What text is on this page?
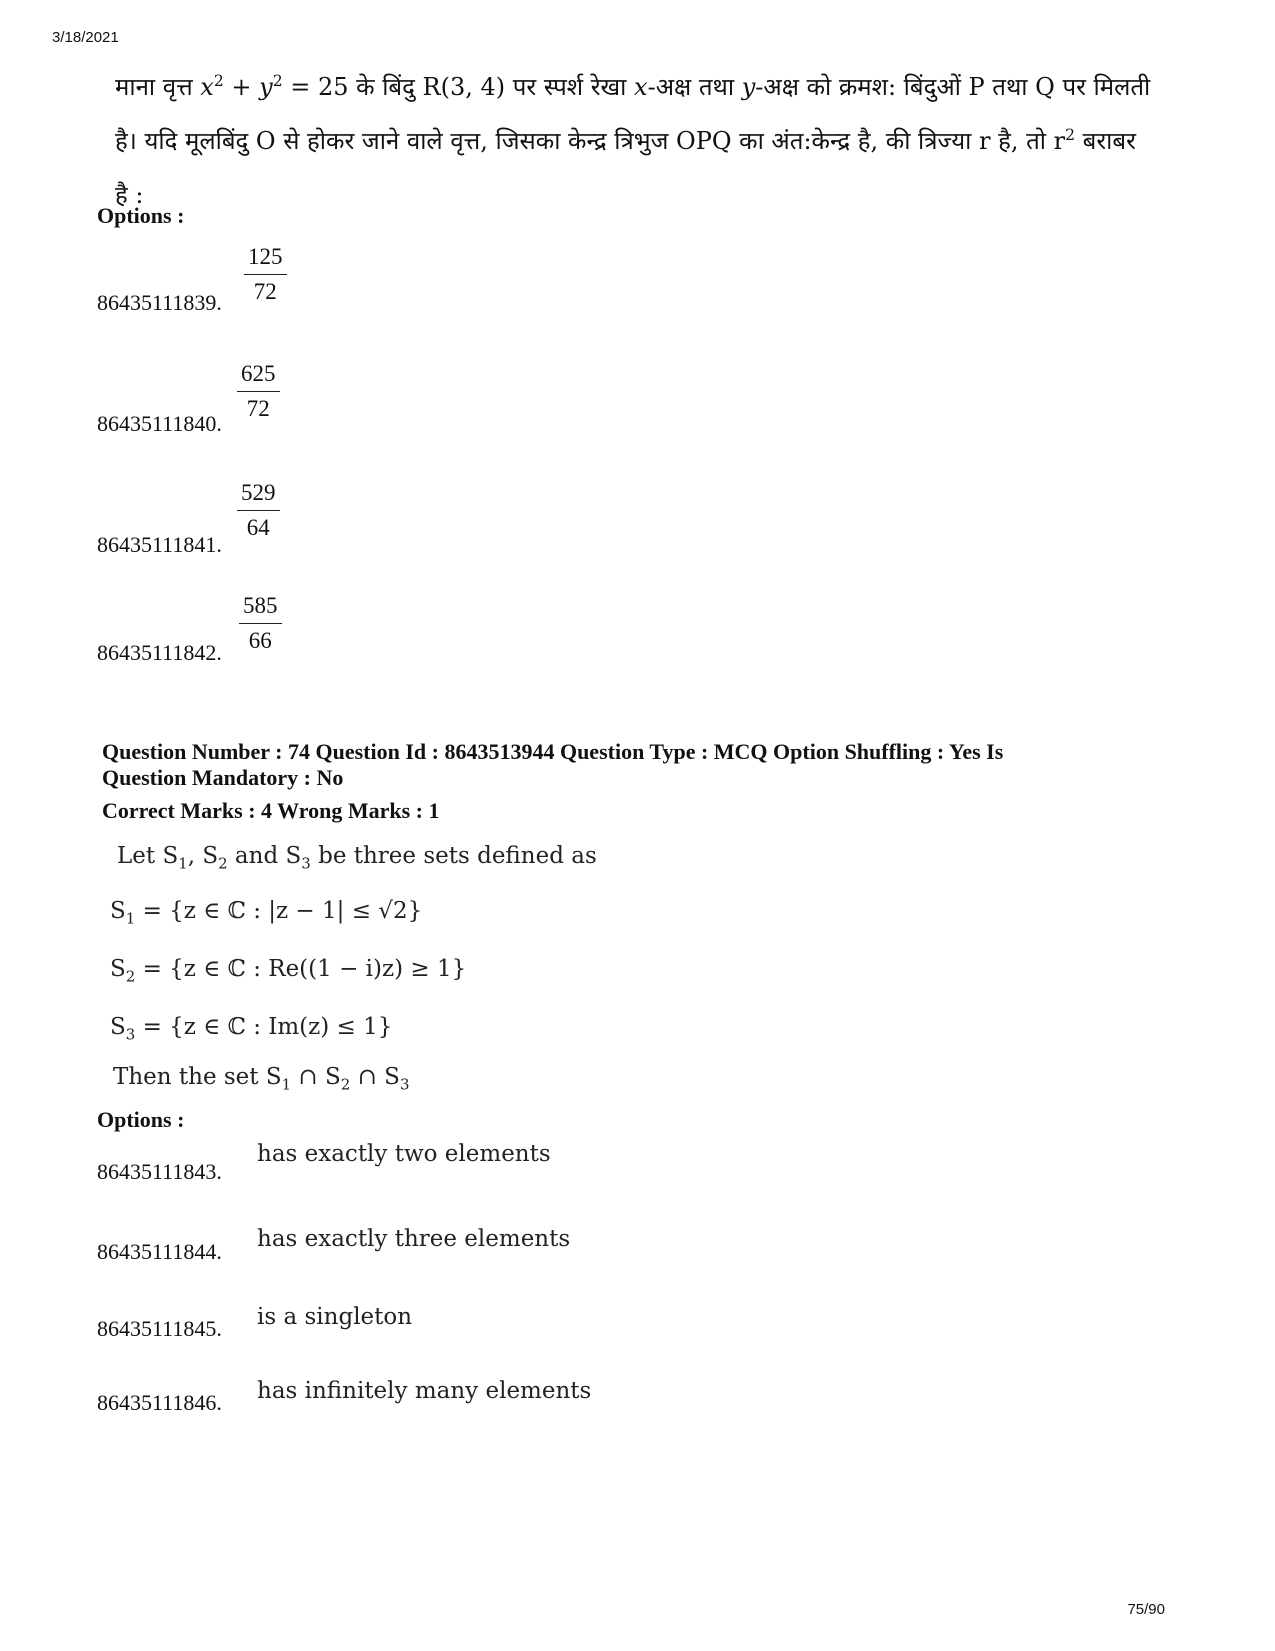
3/18/2021
माना वृत्त $x^2 + y^2 = 25$ के बिंदु R(3, 4) पर स्पर्श रेखा x-अक्ष तथा y-अक्ष को क्रमश: बिंदुओं P तथा Q पर मिलती
है। यदि मूलबिंदु O से होकर जाने वाले वृत्त, जिसका केन्द्र त्रिभुज OPQ का अंत:केन्द्र है, की त्रिज्या r है, तो $r^2$ बराबर
है :
Options :
86435111839. $\frac{125}{72}$
86435111840. $\frac{625}{72}$
86435111841. $\frac{529}{64}$
86435111842. $\frac{585}{66}$
Question Number : 74 Question Id : 8643513944 Question Type : MCQ Option Shuffling : Yes Is
Question Mandatory : No
Correct Marks : 4 Wrong Marks : 1
Let $S_1$, $S_2$ and $S_3$ be three sets defined as
$S_1 = \{z$ ∈ ℂ : |z − 1| ≤ √2}
$S_2 = \{z$ ∈ ℂ : Re((1 − i)z) ≥ 1}
$S_3 = \{z$ ∈ ℂ : Im(z) ≤ 1}
Then the set $S_1$ ∩ $S_2$ ∩ $S_3$
Options :
86435111843.
has exactly two elements
86435111844. has exactly three elements
86435111845. is a singleton
86435111846. has infinitely many elements
75/90
